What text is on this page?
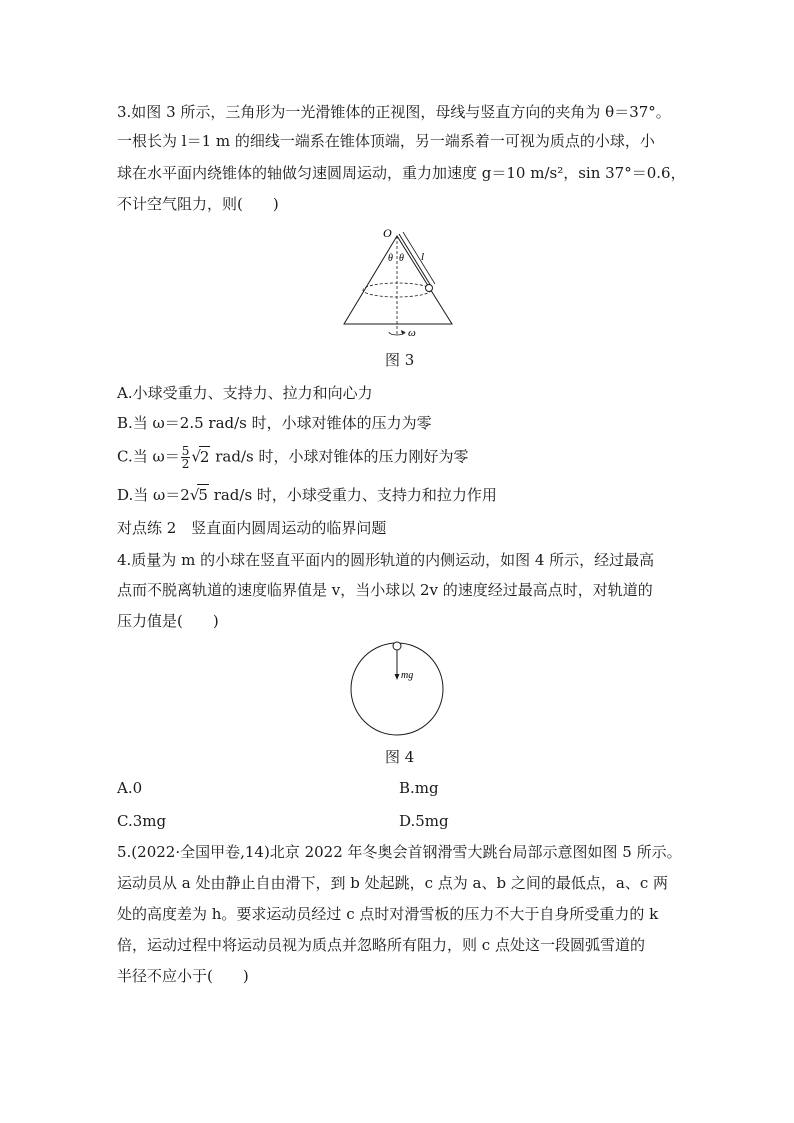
3.如图 3 所示，三角形为一光滑锥体的正视图，母线与竖直方向的夹角为 θ＝37°。
一根长为 l＝1 m 的细线一端系在锥体顶端，另一端系着一可视为质点的小球，小
球在水平面内绕锥体的轴做匀速圆周运动，重力加速度 g＝10 m/s²，sin 37°＝0.6，
不计空气阻力，则(　　)
O
θ θ l
ω
图 3
A.小球受重力、支持力、拉力和向心力
B.当 ω＝2.5 rad/s 时，小球对锥体的压力为零
C.当 $\omega= \frac{5}{2} √2$ rad/s 时，小球对锥体的压力刚好为零
D.当 ω＝2√5 rad/s 时，小球受重力、支持力和拉力作用
对点练 2　竖直面内圆周运动的临界问题
4.质量为 m 的小球在竖直平面内的圆形轨道的内侧运动，如图 4 所示，经过最高
点而不脱离轨道的速度临界值是 v，当小球以 2v 的速度经过最高点时，对轨道的
压力值是(　　)
mg
图 4
A.0	B.mg
C.3mg	D.5mg
5.(2022·全国甲卷,14)北京 2022 年冬奥会首钢滑雪大跳台局部示意图如图 5 所示。
运动员从 a 处由静止自由滑下，到 b 处起跳，c 点为 a、b 之间的最低点，a、c 两
处的高度差为 h。要求运动员经过 c 点时对滑雪板的压力不大于自身所受重力的 k
倍，运动过程中将运动员视为质点并忽略所有阻力，则 c 点处这一段圆弧雪道的
半径不应小于(　　)
